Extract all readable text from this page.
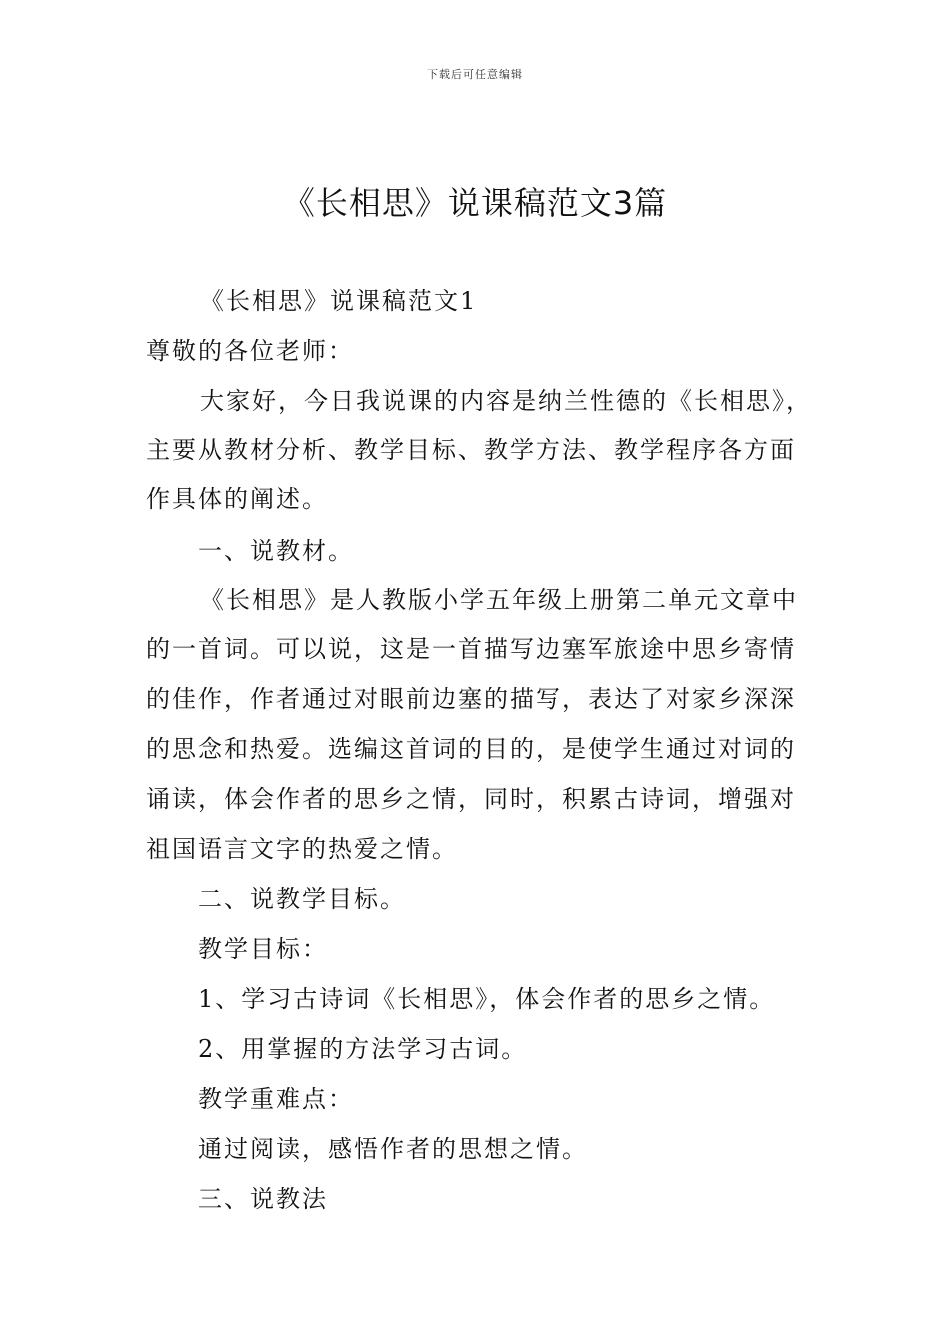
下载后可任意编辑
《长相思》说课稿范文3篇
《长相思》说课稿范文1
尊敬的各位老师：
大家好，今日我说课的内容是纳兰性德的《长相思》，
主要从教材分析、教学目标、教学方法、教学程序各方面
作具体的阐述。
一、说教材。
《长相思》是人教版小学五年级上册第二单元文章中
的一首词。可以说，这是一首描写边塞军旅途中思乡寄情
的佳作，作者通过对眼前边塞的描写，表达了对家乡深深
的思念和热爱。选编这首词的目的，是使学生通过对词的
诵读，体会作者的思乡之情，同时，积累古诗词，增强对
祖国语言文字的热爱之情。
二、说教学目标。
教学目标：
1、学习古诗词《长相思》，体会作者的思乡之情。
2、用掌握的方法学习古词。
教学重难点：
通过阅读，感悟作者的思想之情。
三、说教法
